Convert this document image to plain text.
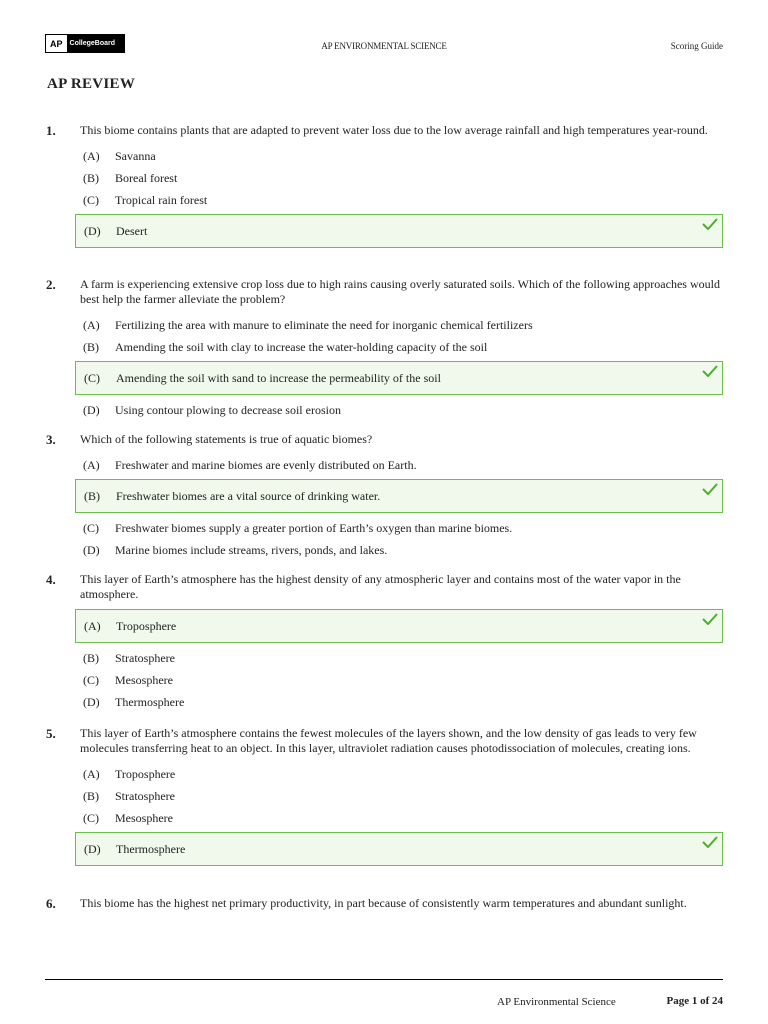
AP	CollegeBoard	AP ENVIRONMENTAL SCIENCE	Scoring Guide
AP REVIEW
1.	This biome contains plants that are adapted to prevent water loss due to the low average rainfall and high temperatures year-round.
(A)	Savanna
(B)	Boreal forest
(C)	Tropical rain forest
(D)	Desert
2.	A farm is experiencing extensive crop loss due to high rains causing overly saturated soils. Which of the following approaches would best help the farmer alleviate the problem?
(A)	Fertilizing the area with manure to eliminate the need for inorganic chemical fertilizers
(B)	Amending the soil with clay to increase the water-holding capacity of the soil
(C)	Amending the soil with sand to increase the permeability of the soil
(D)	Using contour plowing to decrease soil erosion
3.	Which of the following statements is true of aquatic biomes?
(A)	Freshwater and marine biomes are evenly distributed on Earth.
(B)	Freshwater biomes are a vital source of drinking water.
(C)	Freshwater biomes supply a greater portion of Earth’s oxygen than marine biomes.
(D)	Marine biomes include streams, rivers, ponds, and lakes.
4.	This layer of Earth’s atmosphere has the highest density of any atmospheric layer and contains most of the water vapor in the atmosphere.
(A)	Troposphere
(B)	Stratosphere
(C)	Mesosphere
(D)	Thermosphere
5.	This layer of Earth’s atmosphere contains the fewest molecules of the layers shown, and the low density of gas leads to very few molecules transferring heat to an object. In this layer, ultraviolet radiation causes photodissociation of molecules, creating ions.
(A)	Troposphere
(B)	Stratosphere
(C)	Mesosphere
(D)	Thermosphere
6.	This biome has the highest net primary productivity, in part because of consistently warm temperatures and abundant sunlight.
AP Environmental Science	Page 1 of 24
